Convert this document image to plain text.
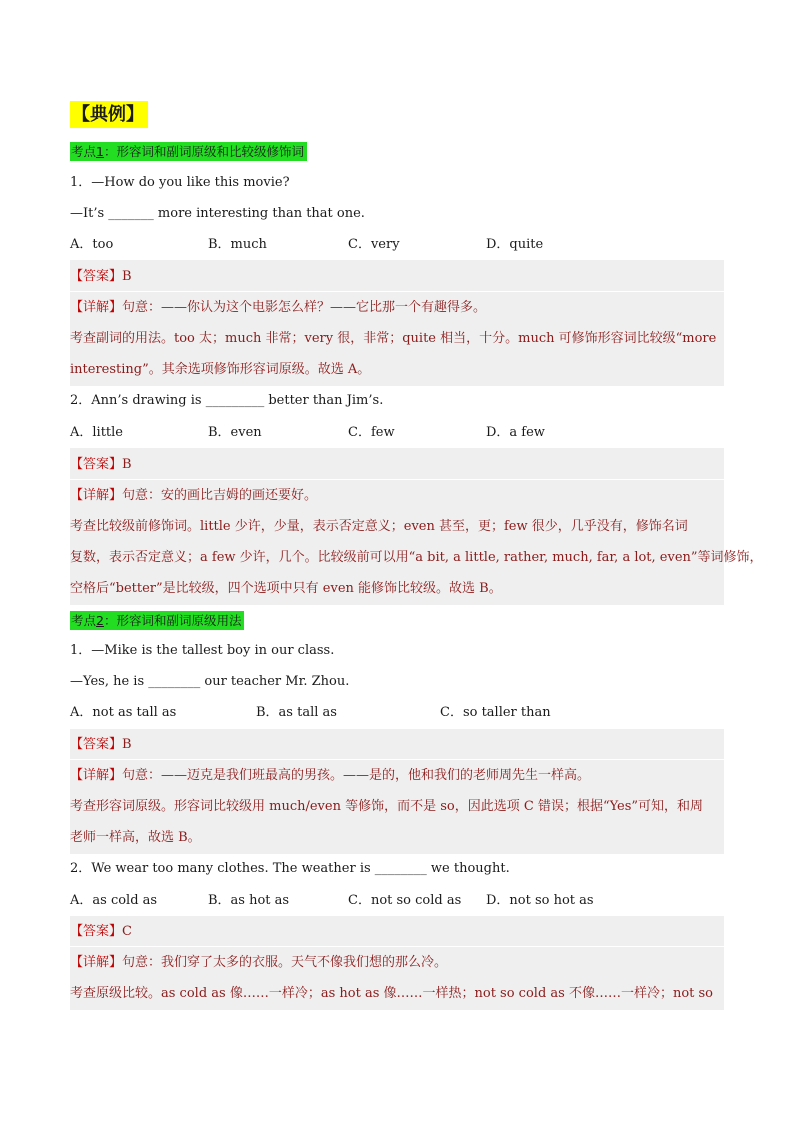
【典例】
考点1：形容词和副词原级和比较级修饰词
1．—How do you like this movie?
—It’s _______ more interesting than that one.
A．too	B．much	C．very	D．quite
【答案】B
【详解】句意：——你认为这个电影怎么样？——它比那一个有趣得多。
考查副词的用法。too 太；much 非常；very 很，非常；quite 相当，十分。much 可修饰形容词比较级“more
interesting”。其余选项修饰形容词原级。故选 A。
2．Ann’s drawing is _________ better than Jim’s.
A．little	B．even	C．few	D．a few
【答案】B
【详解】句意：安的画比吉姆的画还要好。
考查比较级前修饰词。little 少许，少量，表示否定意义；even 甚至，更；few 很少，几乎没有，修饰名词
复数，表示否定意义；a few 少许，几个。比较级前可以用“a bit, a little, rather, much, far, a lot, even”等词修饰，
空格后“better”是比较级，四个选项中只有 even 能修饰比较级。故选 B。
考点2：形容词和副词原级用法
1．—Mike is the tallest boy in our class.
—Yes, he is ________ our teacher Mr. Zhou.
A．not as tall as	B．as tall as	C．so taller than
【答案】B
【详解】句意：——迈克是我们班最高的男孩。——是的，他和我们的老师周先生一样高。
考查形容词原级。形容词比较级用 much/even 等修饰，而不是 so，因此选项 C 错误；根据“Yes”可知，和周
老师一样高，故选 B。
2．We wear too many clothes. The weather is ________ we thought.
A．as cold as	B．as hot as	C．not so cold as D．not so hot as
【答案】C
【详解】句意：我们穿了太多的衣服。天气不像我们想的那么冷。
考查原级比较。as cold as 像……一样冷；as hot as 像……一样热；not so cold as 不像……一样冷；not so
